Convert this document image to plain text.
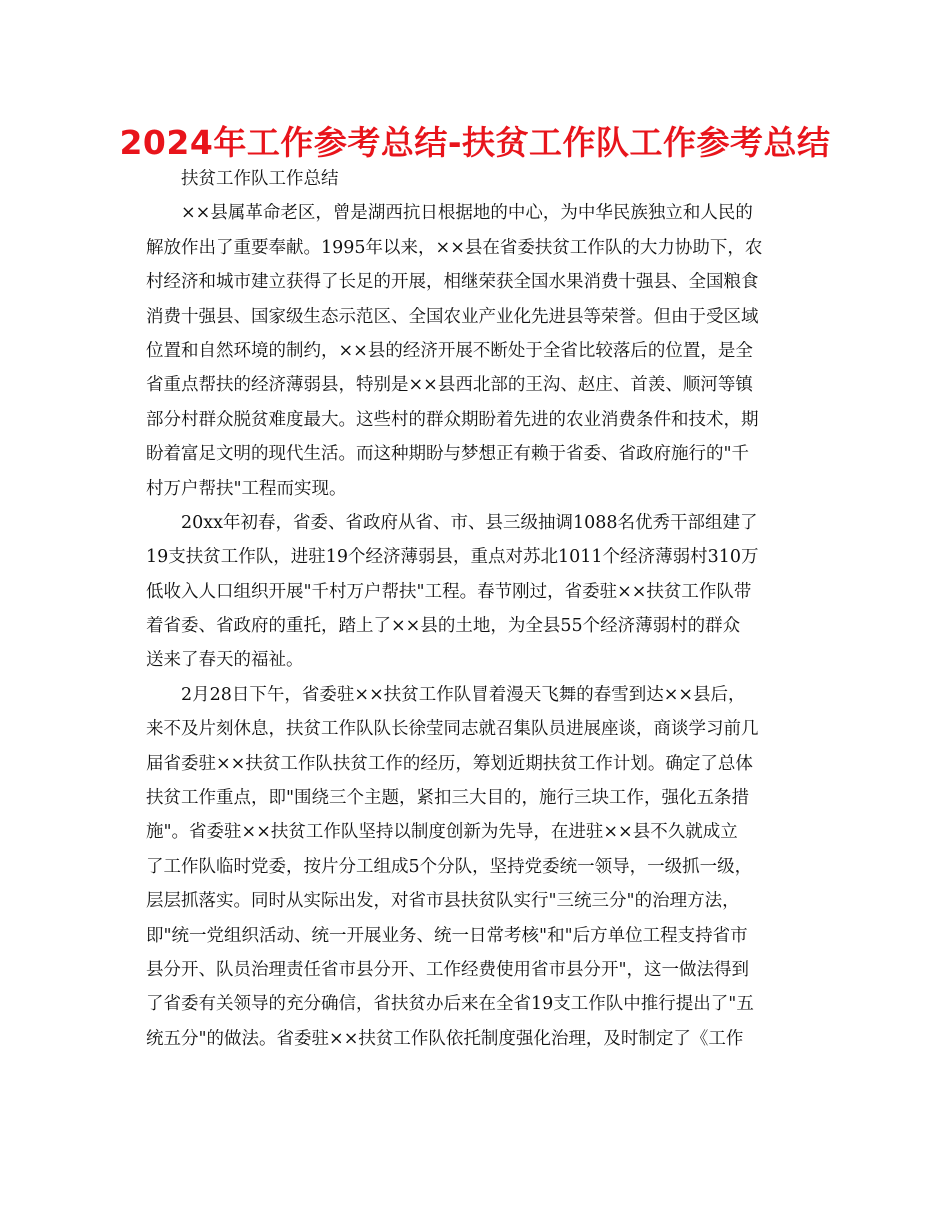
2024年工作参考总结-扶贫工作队工作参考总结
扶贫工作队工作总结
××县属革命老区，曾是湖西抗日根据地的中心，为中华民族独立和人民的
解放作出了重要奉献。1995年以来，××县在省委扶贫工作队的大力协助下，农
村经济和城市建立获得了长足的开展，相继荣获全国水果消费十强县、全国粮食
消费十强县、国家级生态示范区、全国农业产业化先进县等荣誉。但由于受区域
位置和自然环境的制约，××县的经济开展不断处于全省比较落后的位置，是全
省重点帮扶的经济薄弱县，特别是××县西北部的王沟、赵庄、首羡、顺河等镇
部分村群众脱贫难度最大。这些村的群众期盼着先进的农业消费条件和技术，期
盼着富足文明的现代生活。而这种期盼与梦想正有赖于省委、省政府施行的"千
村万户帮扶"工程而实现。
20xx年初春，省委、省政府从省、市、县三级抽调1088名优秀干部组建了
19支扶贫工作队，进驻19个经济薄弱县，重点对苏北1011个经济薄弱村310万
低收入人口组织开展"千村万户帮扶"工程。春节刚过，省委驻××扶贫工作队带
着省委、省政府的重托，踏上了××县的土地，为全县55个经济薄弱村的群众
送来了春天的福祉。
2月28日下午，省委驻××扶贫工作队冒着漫天飞舞的春雪到达××县后，
来不及片刻休息，扶贫工作队队长徐莹同志就召集队员进展座谈，商谈学习前几
届省委驻××扶贫工作队扶贫工作的经历，筹划近期扶贫工作计划。确定了总体
扶贫工作重点，即"围绕三个主题，紧扣三大目的，施行三块工作，强化五条措
施"。省委驻××扶贫工作队坚持以制度创新为先导，在进驻××县不久就成立
了工作队临时党委，按片分工组成5个分队，坚持党委统一领导，一级抓一级，
层层抓落实。同时从实际出发，对省市县扶贫队实行"三统三分"的治理方法，
即"统一党组织活动、统一开展业务、统一日常考核"和"后方单位工程支持省市
县分开、队员治理责任省市县分开、工作经费使用省市县分开"，这一做法得到
了省委有关领导的充分确信，省扶贫办后来在全省19支工作队中推行提出了"五
统五分"的做法。省委驻××扶贫工作队依托制度强化治理，及时制定了《工作
